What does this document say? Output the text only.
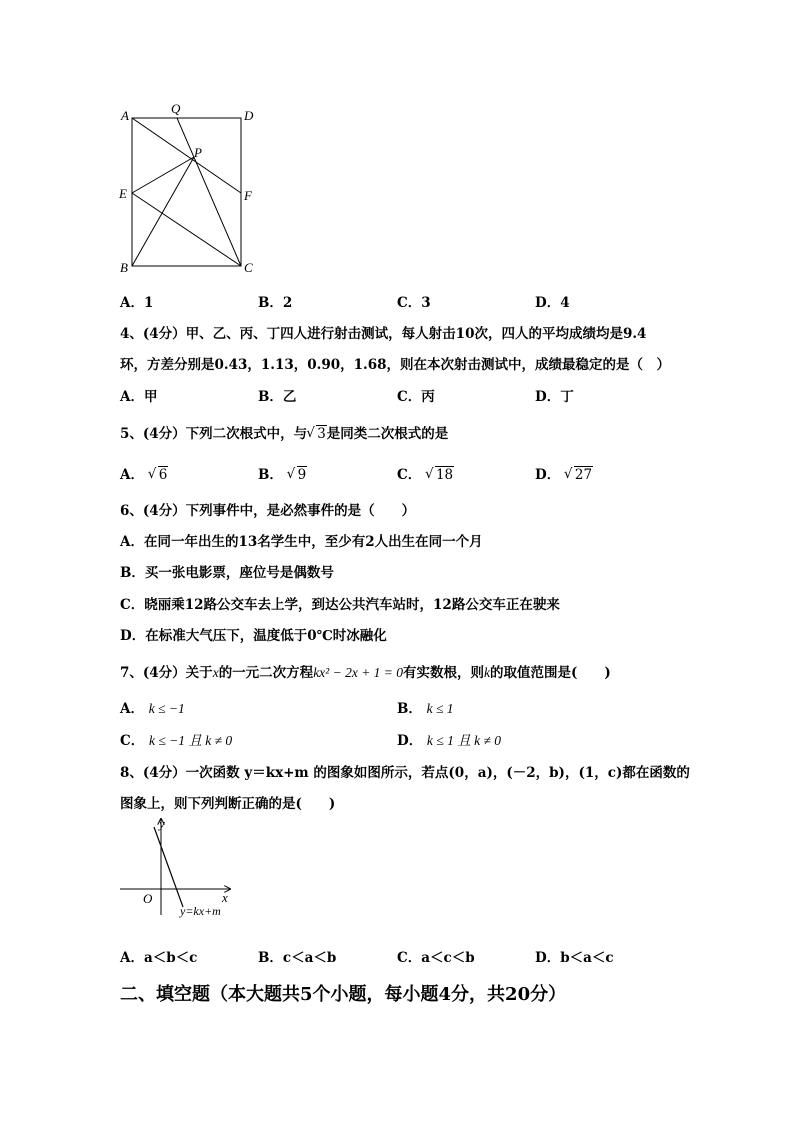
A	Q	D
P
E	F
B	C
A．1	B．2	C．3	D．4
4、(4分）甲、乙、丙、丁四人进行射击测试，每人射击10次，四人的平均成绩均是9.4
环，方差分别是0.43，1.13，0.90，1.68，则在本次射击测试中，成绩最稳定的是（　）
A．甲	B．乙	C．丙	D．丁
5、(4分）下列二次根式中，与 √ 3是同类二次根式的是
A． √ 6	B． √ 9	C． √ 18	D． √ 27
6、(4分）下列事件中，是必然事件的是（　　）
A．在同一年出生的13名学生中，至少有2人出生在同一个月
B．买一张电影票，座位号是偶数号
C．晓丽乘12路公交车去上学，到达公共汽车站时，12路公交车正在驶来
D．在标准大气压下，温度低于0℃时冰融化
7、(4分）关于x的一元二次方程kx² − 2x + 1 = 0有实数根，则k的取值范围是(　　)
A． k ≤ −1	B． k ≤ 1
C． k ≤ −1 且 k ≠ 0	D． k ≤ 1 且 k ≠ 0
8、(4分）一次函数 y＝kx+m 的图象如图所示，若点(0，a)，(－2，b)，(1，c)都在函数的
图象上，则下列判断正确的是(　　)
y
x
O
y=kx+m
A．a＜b＜c	B．c＜a＜b	C．a＜c＜b	D．b＜a＜c
二、填空题（本大题共5个小题，每小题4分，共20分）
